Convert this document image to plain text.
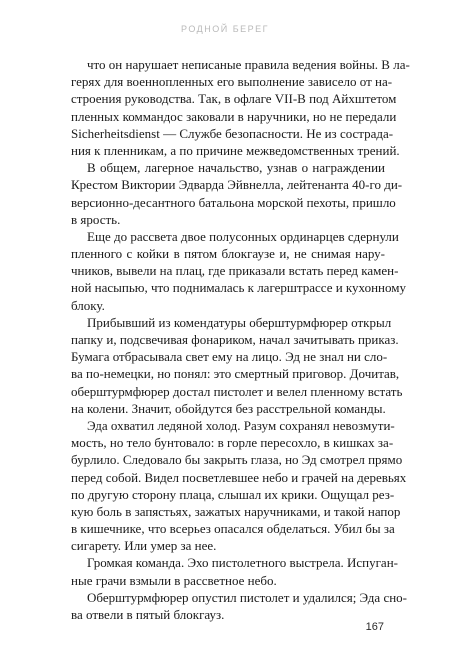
РОДНОЙ БЕРЕГ
что он нарушает неписаные правила ведения войны. В ла-
герях для военнопленных его выполнение зависело от на-
строения руководства. Так, в офлаге VII-B под Айхштетом
пленных коммандос заковали в наручники, но не передали
Sicherheitsdienst — Службе безопасности. Не из сострада-
ния к пленникам, а по причине межведомственных трений.
В общем, лагерное начальство, узнав о награждении
Крестом Виктории Эдварда Эйвнелла, лейтенанта 40-го ди-
версионно-десантного батальона морской пехоты, пришло
в ярость.
Еще до рассвета двое полусонных ординарцев сдернули
пленного с койки в пятом блокгаузе и, не снимая нару-
чников, вывели на плац, где приказали встать перед камен-
ной насыпью, что поднималась к лагерштрассе и кухонному
блоку.
Прибывший из комендатуры оберштурмфюрер открыл
папку и, подсвечивая фонариком, начал зачитывать приказ.
Бумага отбрасывала свет ему на лицо. Эд не знал ни сло-
ва по-немецки, но понял: это смертный приговор. Дочитав,
оберштурмфюрер достал пистолет и велел пленному встать
на колени. Значит, обойдутся без расстрельной команды.
Эда охватил ледяной холод. Разум сохранял невозмути-
мость, но тело бунтовало: в горле пересохло, в кишках за-
бурлило. Следовало бы закрыть глаза, но Эд смотрел прямо
перед собой. Видел посветлевшее небо и грачей на деревьях
по другую сторону плаца, слышал их крики. Ощущал рез-
кую боль в запястьях, зажатых наручниками, и такой напор
в кишечнике, что всерьез опасался обделаться. Убил бы за
сигарету. Или умер за нее.
Громкая команда. Эхо пистолетного выстрела. Испуган-
ные грачи взмыли в рассветное небо.
Оберштурмфюрер опустил пистолет и удалился; Эда сно-
ва отвели в пятый блокгауз.
167
